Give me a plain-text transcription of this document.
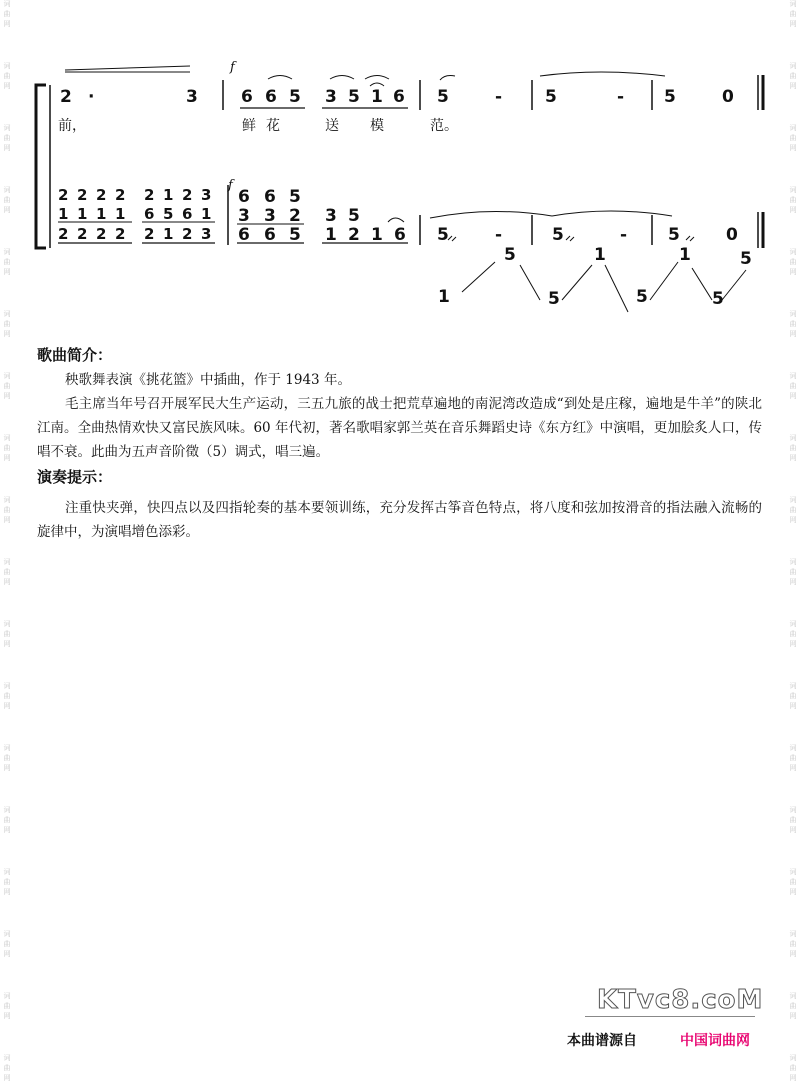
词
曲
网
词
曲
网
词
曲
网
词
曲
网
词
曲
网
词
曲
网
词
曲
网
词
曲
网
词
曲
网
词
曲
网
词
曲
网
词
曲
网
词
曲
网
词
曲
网
词
曲
网
词
曲
网
词
曲
网
词
曲
网
词
曲
网
词
曲
网
词
曲
网
词
曲
网
词
曲
网
词
曲
网
词
曲
网
词
曲
网
词
曲
网
词
曲
网
词
曲
网
词
曲
网
词
曲
网
词
曲
网
词
曲
网
词
曲
网
词
曲
网
词
曲
网
f
f
2 ·	3	6 6 5 3 5 1 6 5	-	5	- 5	0
前，	鲜 花	送 模	范。
2 2 2 2 2 1 2 3
1 1 1 1 6 5 6 1
6 6 5
3 3 2 3 5
2 2 2 2 2 1 2 3 6 6 5 1 2 1 6 5	-	5	- 5	0
1
5
5
1
5
1
5
5
歌曲简介：
秧歌舞表演《挑花篮》中插曲，作于 1943 年。
毛主席当年号召开展军民大生产运动，三五九旅的战士把荒草遍地的南泥湾改造成“到处是庄稼，遍地是牛羊”的陕北江南。全曲热情欢快又富民族风味。60 年代初，著名歌唱家郭兰英在音乐舞蹈史诗《东方红》中演唱，更加脍炙人口，传唱不衰。此曲为五声音阶徵（5）调式，唱三遍。
演奏提示：
注重快夹弹，快四点以及四指轮奏的基本要领训练，充分发挥古筝音色特点，将八度和弦加按滑音的指法融入流畅的旋律中，为演唱增色添彩。
KTvc8.coM
本曲谱源自	中国词曲网
